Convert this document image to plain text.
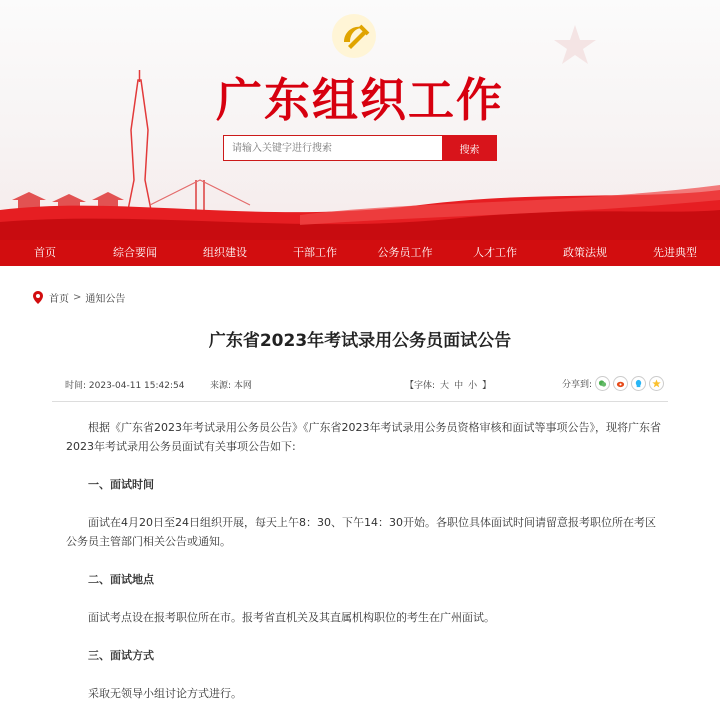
广东组织工作
请输入关键字进行搜索
搜索
首页	综合要闻	组织建设	干部工作	公务员工作	人才工作	政策法规	先进典型
首页 > 通知公告
广东省2023年考试录用公务员面试公告
时间: 2023-04-11 15:42:54	来源: 本网	【字体: 大 中 小 】	分享到:

根据《广东省2023年考试录用公务员公告》《广东省2023年考试录用公务员资格审核和面试等事项公告》，现将广东省2023年考试录用公务员面试有关事项公告如下:

一、面试时间

面试在4月20日至24日组织开展，每天上午8：30、下午14：30开始。各职位具体面试时间请留意报考职位所在考区公务员主管部门相关公告或通知。

二、面试地点

面试考点设在报考职位所在市。报考省直机关及其直属机构职位的考生在广州面试。

三、面试方式

采取无领导小组讨论方式进行。
